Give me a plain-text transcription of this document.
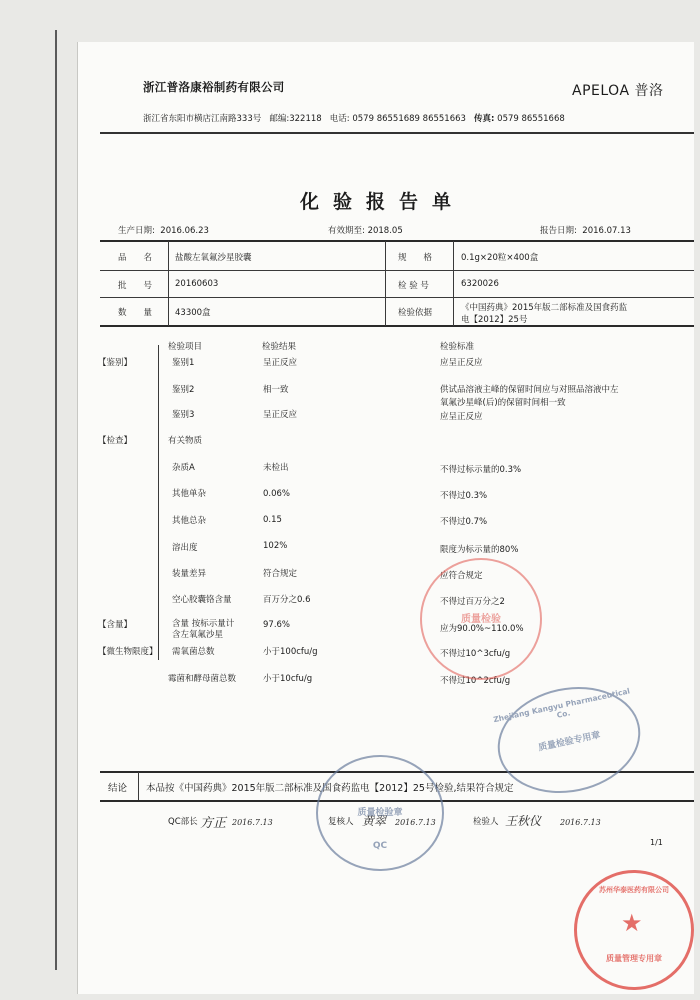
浙江普洛康裕制药有限公司	APELOA 普洛
浙江省东阳市横店江南路333号 邮编:322118 电话: 0579 86551689 86551663 传真: 0579 86551668
化验报告单
生产日期: 2016.06.23	有效期至: 2018.05	报告日期: 2016.07.13
品　　名	盐酸左氧氟沙星胶囊	规　　格	0.1g×20粒×400盒
批　　号	20160603	检 验 号	6320026
数　　量	43300盒	检验依据	《中国药典》2015年版二部标准及国食药监
电【2012】25号
检验项目	检验结果	检验标准
【鉴别】	鉴别1	呈正反应	应呈正反应
鉴别2	相一致	供试品溶液主峰的保留时间应与对照品溶液中左
氧氟沙星峰(后)的保留时间相一致
鉴别3	呈正反应	应呈正反应
【检查】	有关物质
杂质A	未检出	不得过标示量的0.3%
其他单杂	0.06%	不得过0.3%
其他总杂	0.15	不得过0.7%
溶出度	102%	限度为标示量的80%
装量差异	符合规定	应符合规定
空心胶囊铬含量	百万分之0.6	不得过百万分之2
【含量】	含量 按标示量计
含左氧氟沙星
97.6%	应为90.0%~110.0%
【微生物限度】 需氧菌总数	小于100cfu/g	不得过10^3cfu/g
霉菌和酵母菌总数	小于10cfu/g	不得过10^2cfu/g
结论 本品按《中国药典》2015年版二部标准及国食药监电【2012】25号检验,结果符合规定
QC部长 方正 2016.7.13	复核人 黄翠 2016.7.13	检验人 王秋仪 2016.7.13
1/1
质量检验
Zhejiang Kangyu Pharmaceutical Co.
质量检验专用章
质量检验章
QC
苏州华泰医药有限公司
★
质量管理专用章
